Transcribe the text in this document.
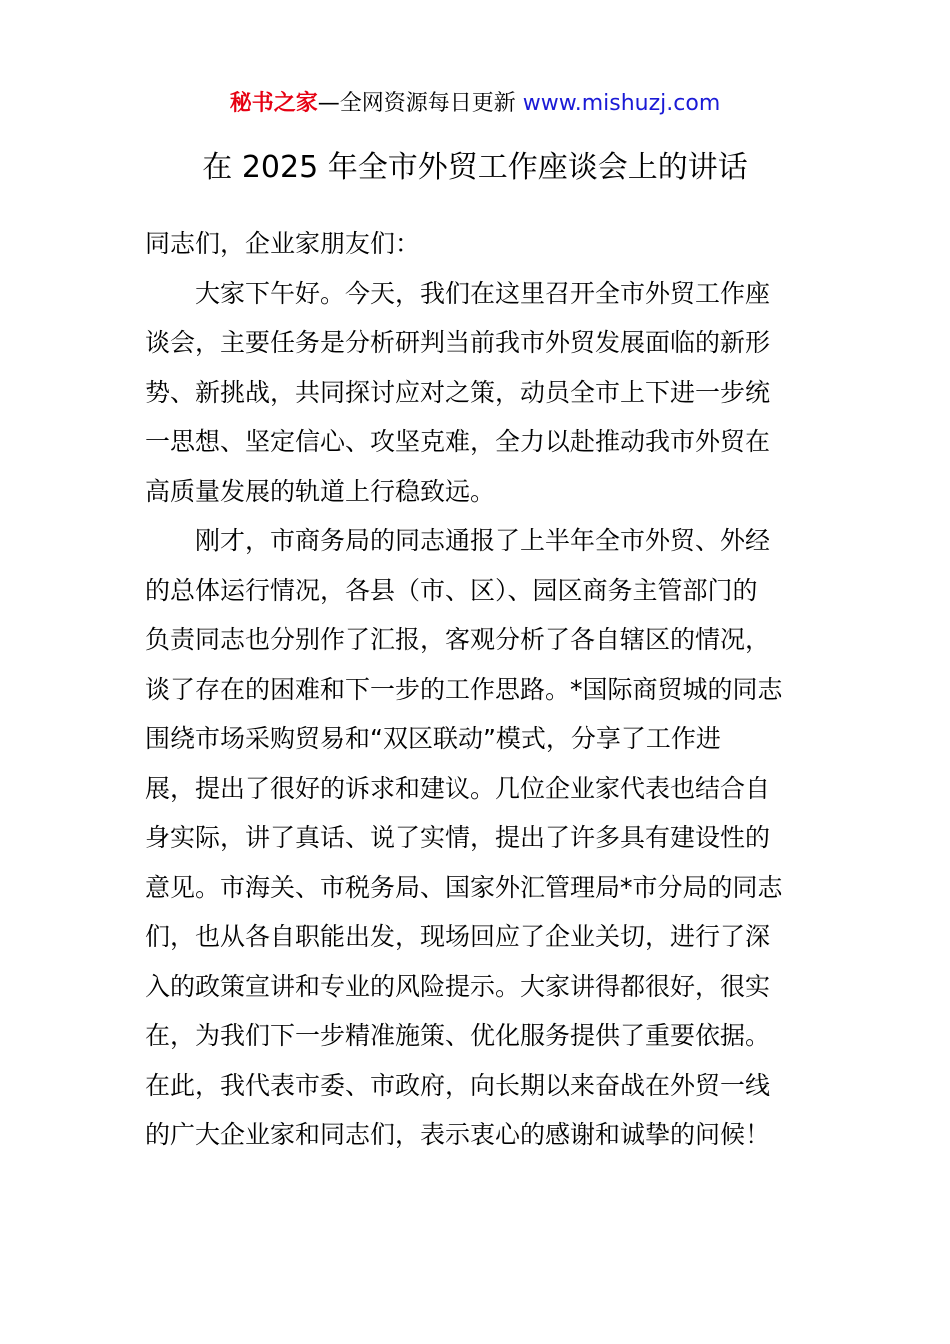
秘书之家—全网资源每日更新 www.mishuzj.com
在 2025 年全市外贸工作座谈会上的讲话
同志们，企业家朋友们：
大家下午好。今天，我们在这里召开全市外贸工作座
谈会，主要任务是分析研判当前我市外贸发展面临的新形
势、新挑战，共同探讨应对之策，动员全市上下进一步统
一思想、坚定信心、攻坚克难，全力以赴推动我市外贸在
高质量发展的轨道上行稳致远。
刚才，市商务局的同志通报了上半年全市外贸、外经
的总体运行情况，各县（市、区）、园区商务主管部门的
负责同志也分别作了汇报，客观分析了各自辖区的情况，
谈了存在的困难和下一步的工作思路。*国际商贸城的同志
围绕市场采购贸易和“双区联动”模式，分享了工作进
展，提出了很好的诉求和建议。几位企业家代表也结合自
身实际，讲了真话、说了实情，提出了许多具有建设性的
意见。市海关、市税务局、国家外汇管理局*市分局的同志
们，也从各自职能出发，现场回应了企业关切，进行了深
入的政策宣讲和专业的风险提示。大家讲得都很好，很实
在，为我们下一步精准施策、优化服务提供了重要依据。
在此，我代表市委、市政府，向长期以来奋战在外贸一线
的广大企业家和同志们，表示衷心的感谢和诚挚的问候！
